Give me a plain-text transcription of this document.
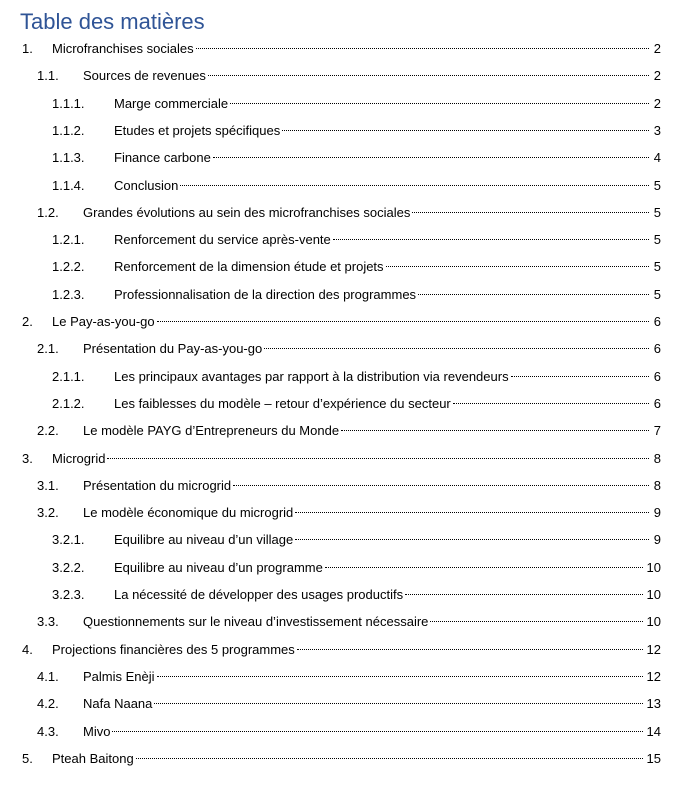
Table des matières
1. Microfranchises sociales	2
1.1. Sources de revenues	2
1.1.1. Marge commerciale	2
1.1.2. Etudes et projets spécifiques	3
1.1.3. Finance carbone	4
1.1.4. Conclusion	5
1.2. Grandes évolutions au sein des microfranchises sociales	5
1.2.1. Renforcement du service après-vente	5
1.2.2. Renforcement de la dimension étude et projets	5
1.2.3. Professionnalisation de la direction des programmes	5
2. Le Pay-as-you-go	6
2.1. Présentation du Pay-as-you-go	6
2.1.1. Les principaux avantages par rapport à la distribution via revendeurs	6
2.1.2. Les faiblesses du modèle – retour d’expérience du secteur	6
2.2. Le modèle PAYG d’Entrepreneurs du Monde	7
3. Microgrid	8
3.1. Présentation du microgrid	8
3.2. Le modèle économique du microgrid	9
3.2.1. Equilibre au niveau d’un village	9
3.2.2. Equilibre au niveau d’un programme	10
3.2.3. La nécessité de développer des usages productifs	10
3.3. Questionnements sur le niveau d’investissement nécessaire	10
4. Projections financières des 5 programmes	12
4.1. Palmis Enèji	12
4.2. Nafa Naana	13
4.3. Mivo	14
5. Pteah Baitong	15
